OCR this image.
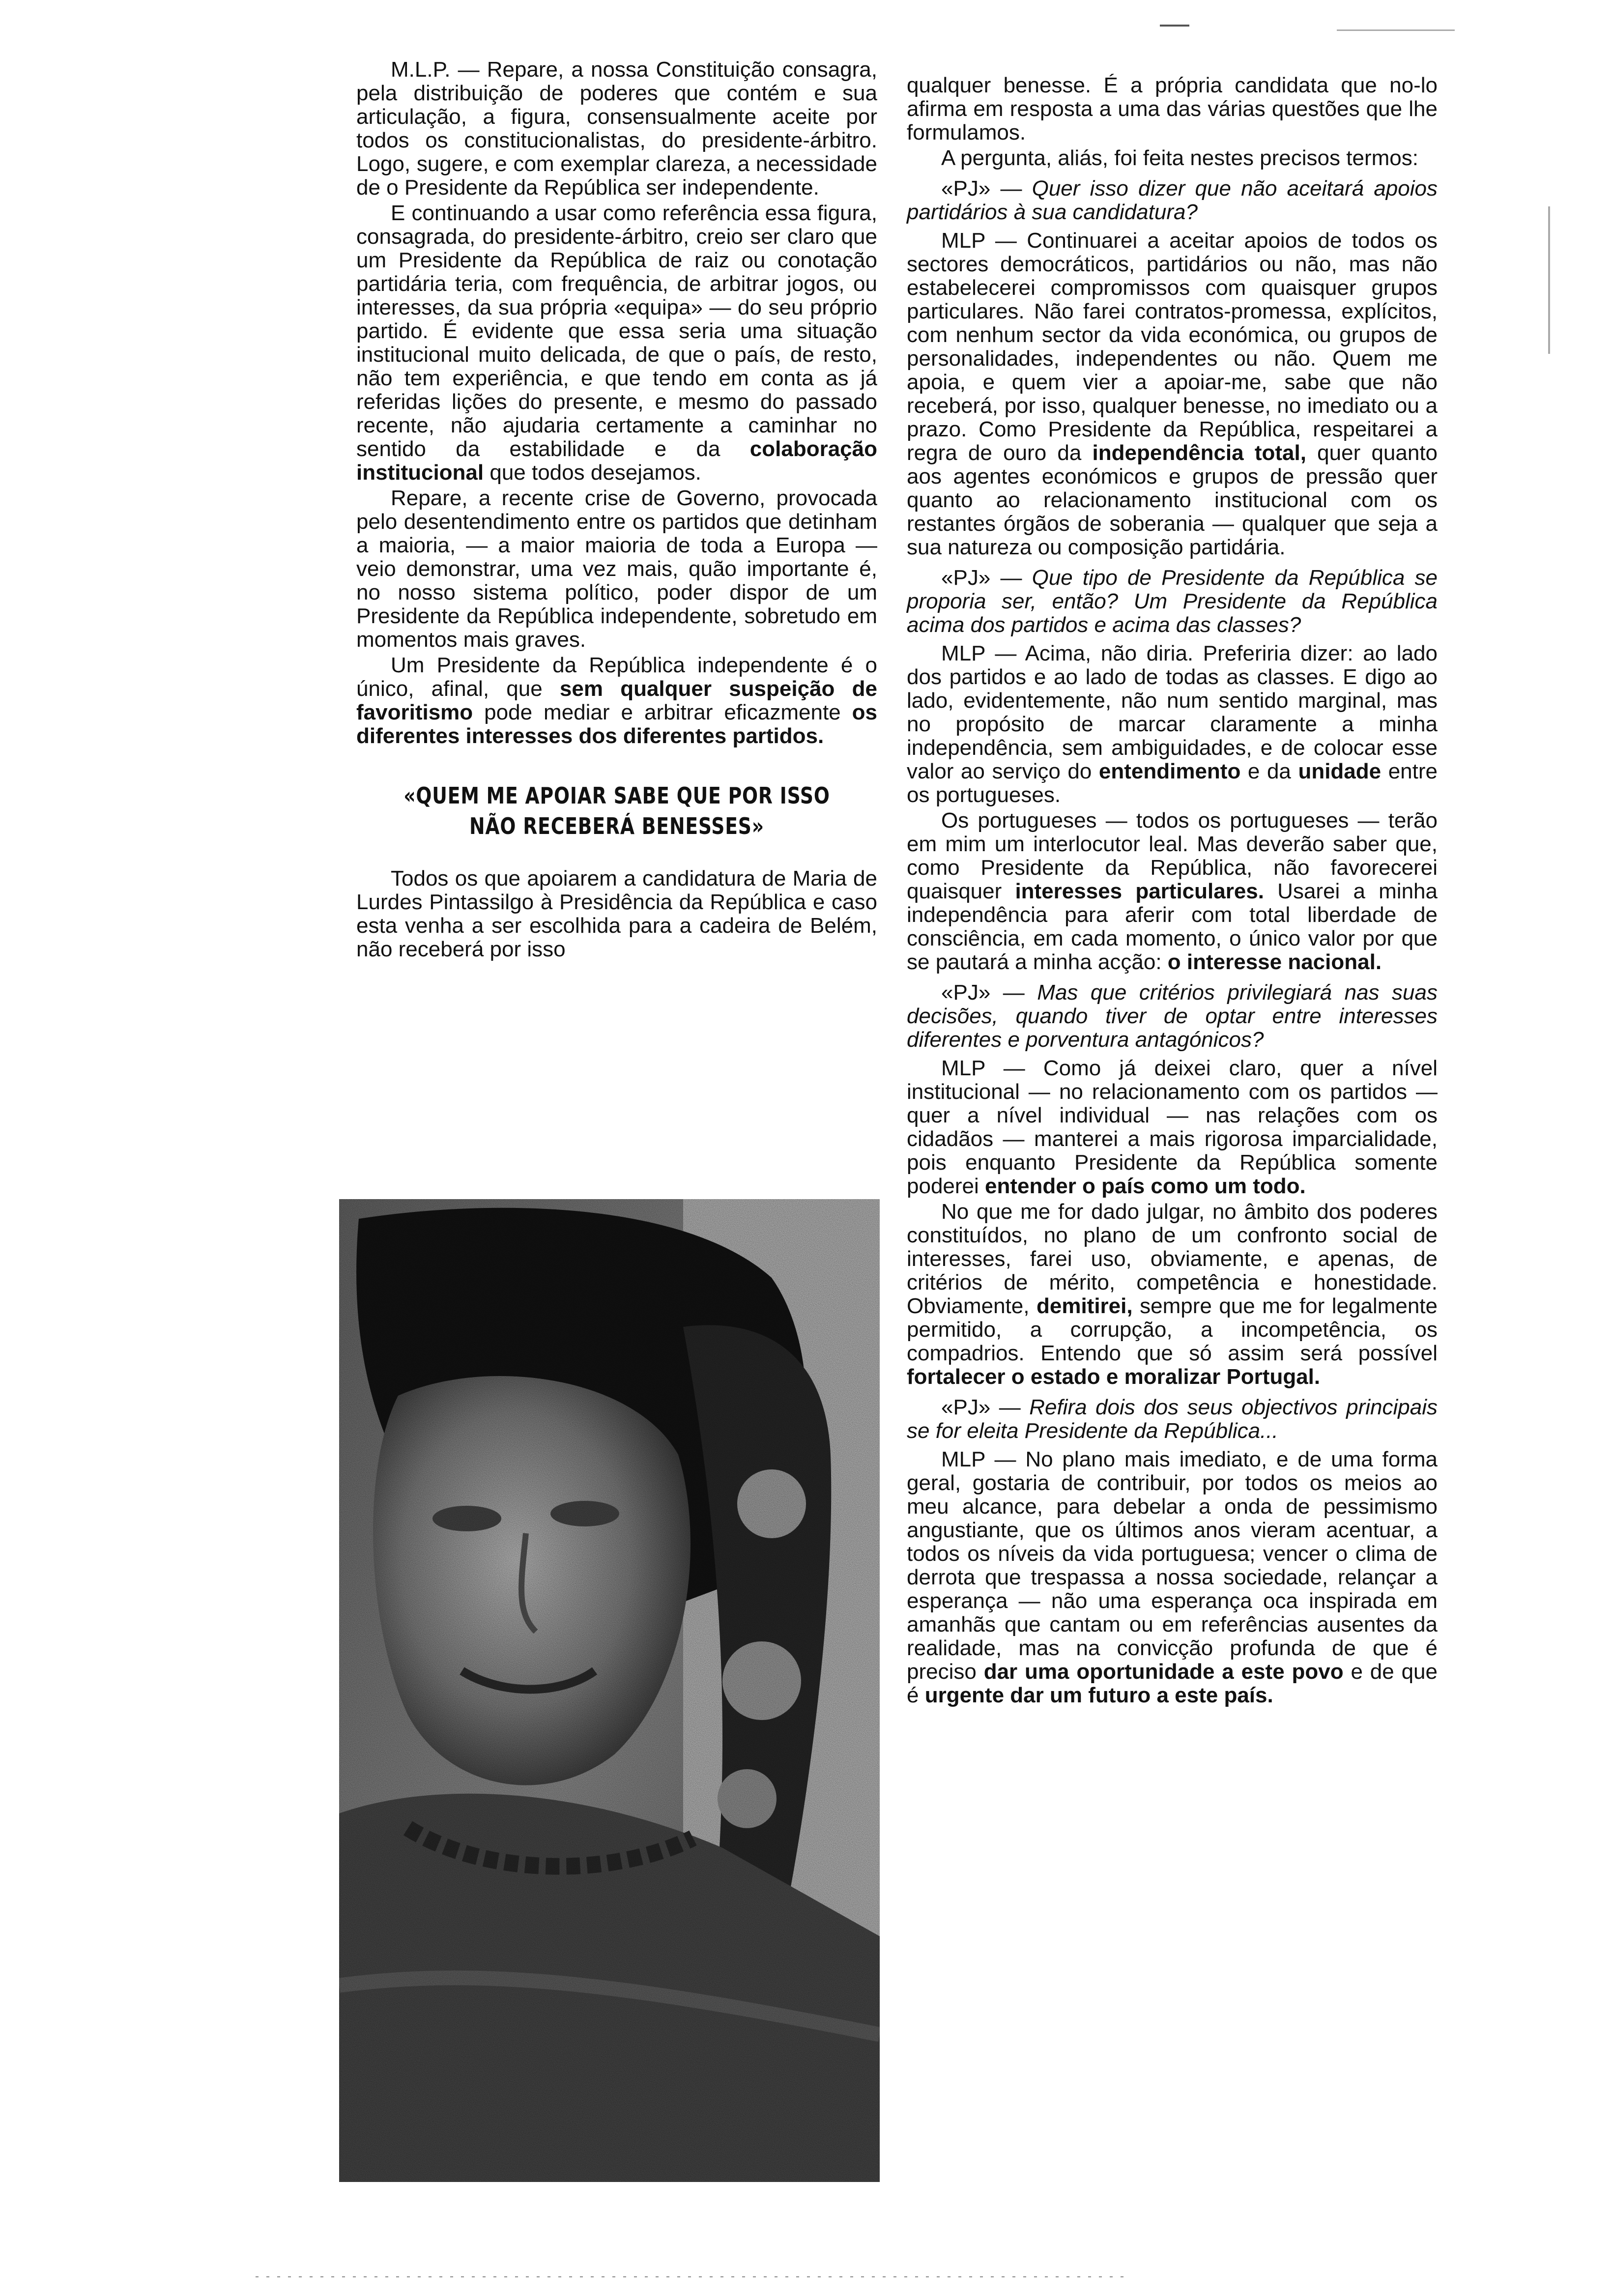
M.L.P. — Repare, a nossa Constituição consagra, pela distribuição de poderes que contém e sua articulação, a figura, consensualmente aceite por todos os constitucionalistas, do presidente-árbitro. Logo, sugere, e com exemplar clareza, a necessidade de o Presidente da República ser independente.

E continuando a usar como referência essa figura, consagrada, do presidente-árbitro, creio ser claro que um Presidente da República de raiz ou conotação partidária teria, com frequência, de arbitrar jogos, ou interesses, da sua própria «equipa» — do seu próprio partido. É evidente que essa seria uma situação institucional muito delicada, de que o país, de resto, não tem experiência, e que tendo em conta as já referidas lições do presente, e mesmo do passado recente, não ajudaria certamente a caminhar no sentido da estabilidade e da colaboração institucional que todos desejamos.

Repare, a recente crise de Governo, provocada pelo desentendimento entre os partidos que detinham a maioria, — a maior maioria de toda a Europa — veio demonstrar, uma vez mais, quão importante é, no nosso sistema político, poder dispor de um Presidente da República independente, sobretudo em momentos mais graves.

Um Presidente da República independente é o único, afinal, que sem qualquer suspeição de favoritismo pode mediar e arbitrar eficazmente os diferentes interesses dos diferentes partidos.

«QUEM ME APOIAR SABE QUE POR ISSO
NÃO RECEBERÁ BENESSES»

Todos os que apoiarem a candidatura de Maria de Lurdes Pintassilgo à Presidência da República e caso esta venha a ser escolhida para a cadeira de Belém, não receberá por isso

qualquer benesse. É a própria candidata que no-lo afirma em resposta a uma das várias questões que lhe formulamos.

A pergunta, aliás, foi feita nestes precisos termos:

«PJ» — Quer isso dizer que não aceitará apoios partidários à sua candidatura?

MLP — Continuarei a aceitar apoios de todos os sectores democráticos, partidários ou não, mas não estabelecerei compromissos com quaisquer grupos particulares. Não farei contratos-promessa, explícitos, com nenhum sector da vida económica, ou grupos de personalidades, independentes ou não. Quem me apoia, e quem vier a apoiar-me, sabe que não receberá, por isso, qualquer benesse, no imediato ou a prazo. Como Presidente da República, respeitarei a regra de ouro da independência total, quer quanto aos agentes económicos e grupos de pressão quer quanto ao relacionamento institucional com os restantes órgãos de soberania — qualquer que seja a sua natureza ou composição partidária.

«PJ» — Que tipo de Presidente da República se proporia ser, então? Um Presidente da República acima dos partidos e acima das classes?

MLP — Acima, não diria. Preferiria dizer: ao lado dos partidos e ao lado de todas as classes. E digo ao lado, evidentemente, não num sentido marginal, mas no propósito de marcar claramente a minha independência, sem ambiguidades, e de colocar esse valor ao serviço do entendimento e da unidade entre os portugueses.

Os portugueses — todos os portugueses — terão em mim um interlocutor leal. Mas deverão saber que, como Presidente da República, não favorecerei quaisquer interesses particulares. Usarei a minha independência para aferir com total liberdade de consciência, em cada momento, o único valor por que se pautará a minha acção: o interesse nacional.

«PJ» — Mas que critérios privilegiará nas suas decisões, quando tiver de optar entre interesses diferentes e porventura antagónicos?

MLP — Como já deixei claro, quer a nível institucional — no relacionamento com os partidos — quer a nível individual — nas relações com os cidadãos — manterei a mais rigorosa imparcialidade, pois enquanto Presidente da República somente poderei entender o país como um todo.

No que me for dado julgar, no âmbito dos poderes constituídos, no plano de um confronto social de interesses, farei uso, obviamente, e apenas, de critérios de mérito, competência e honestidade. Obviamente, demitirei, sempre que me for legalmente permitido, a corrupção, a incompetência, os compadrios. Entendo que só assim será possível fortalecer o estado e moralizar Portugal.

«PJ» — Refira dois dos seus objectivos principais se for eleita Presidente da República...

MLP — No plano mais imediato, e de uma forma geral, gostaria de contribuir, por todos os meios ao meu alcance, para debelar a onda de pessimismo angustiante, que os últimos anos vieram acentuar, a todos os níveis da vida portuguesa; vencer o clima de derrota que trespassa a nossa sociedade, relançar a esperança — não uma esperança oca inspirada em amanhãs que cantam ou em referências ausentes da realidade, mas na convicção profunda de que é preciso dar uma oportunidade a este povo e de que é urgente dar um futuro a este país.
